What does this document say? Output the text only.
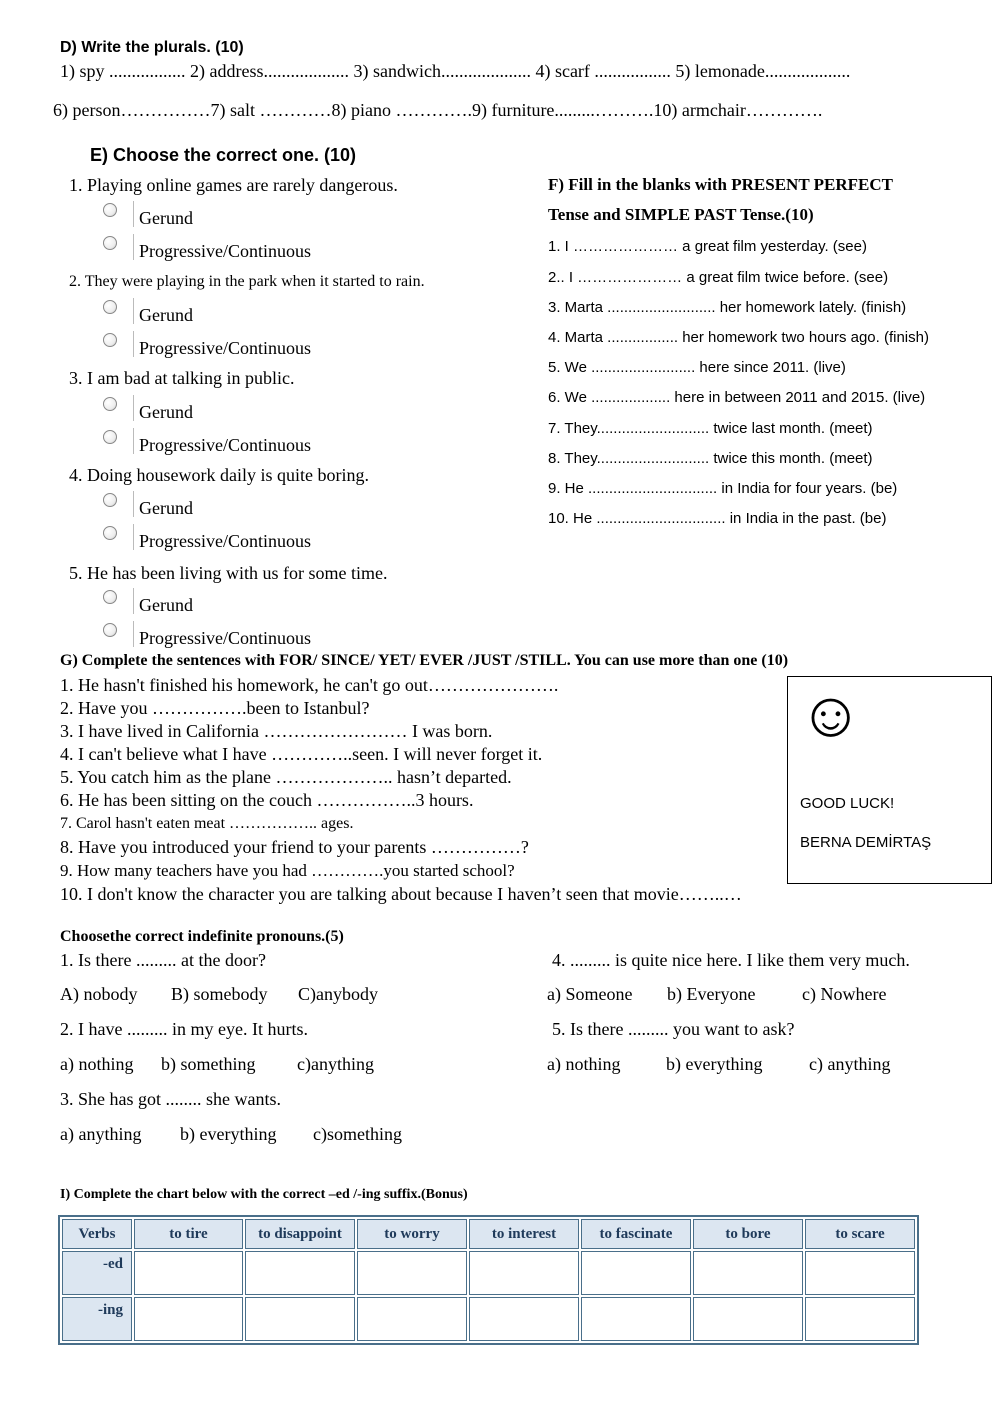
D) Write the plurals. (10)
1) spy ................. 2) address................... 3) sandwich.................... 4) scarf ................. 5) lemonade...................
6) person……………7) salt …………8) piano ………….9) furniture.........……….10) armchair………….
E) Choose the correct one. (10)
1. Playing online games are rarely dangerous.
Gerund
Progressive/Continuous
2. They were playing in the park when it started to rain.
Gerund
Progressive/Continuous
3. I am bad at talking in public.
Gerund
Progressive/Continuous
4. Doing housework daily is quite boring.
Gerund
Progressive/Continuous
5. He has been living with us for some time.
Gerund
Progressive/Continuous
F) Fill in the blanks with PRESENT PERFECT
Tense and SIMPLE PAST Tense.(10)
1. I ………………… a great film yesterday. (see)
2.. I ………………… a great film twice before. (see)
3. Marta .......................... her homework lately. (finish)
4. Marta ................. her homework two hours ago. (finish)
5. We ......................... here since 2011. (live)
6. We ................... here in between 2011 and 2015. (live)
7. They........................... twice last month. (meet)
8. They........................... twice this month. (meet)
9. He ............................... in India for four years. (be)
10. He ............................... in India in the past. (be)
G) Complete the sentences with FOR/ SINCE/ YET/ EVER /JUST /STILL. You can use more than one (10)
1. He hasn't finished his homework, he can't go out………………….
2. Have you …………….been to Istanbul?
3. I have lived in California …………………… I was born.
4. I can't believe what I have …………..seen. I will never forget it.
5. You catch him as the plane ……………….. hasn’t departed.
6. He has been sitting on the couch ……………..3 hours.
7. Carol hasn't eaten meat …………….. ages.
8. Have you introduced your friend to your parents ……………?
9. How many teachers have you had ………….you started school?
10. I don't know the character you are talking about because I haven’t seen that movie……..…
☺
GOOD LUCK!
BERNA DEMİRTAŞ
Choosethe correct indefinite pronouns.(5)
1. Is there ......... at the door?
A) nobody B) somebody C)anybody
2. I have ......... in my eye. It hurts.
a) nothing b) something c)anything
3. She has got ........ she wants.
a) anything b) everything c)something
4. ......... is quite nice here. I like them very much.
a) Someone b) Everyone	c) Nowhere
5. Is there ......... you want to ask?
a) nothing	b) everything	c) anything
I) Complete the chart below with the correct –ed /-ing suffix.(Bonus)
Verbs	to tire	to disappoint	to worry	to interest	to fascinate	to bore	to scare
-ed							
-ing							
